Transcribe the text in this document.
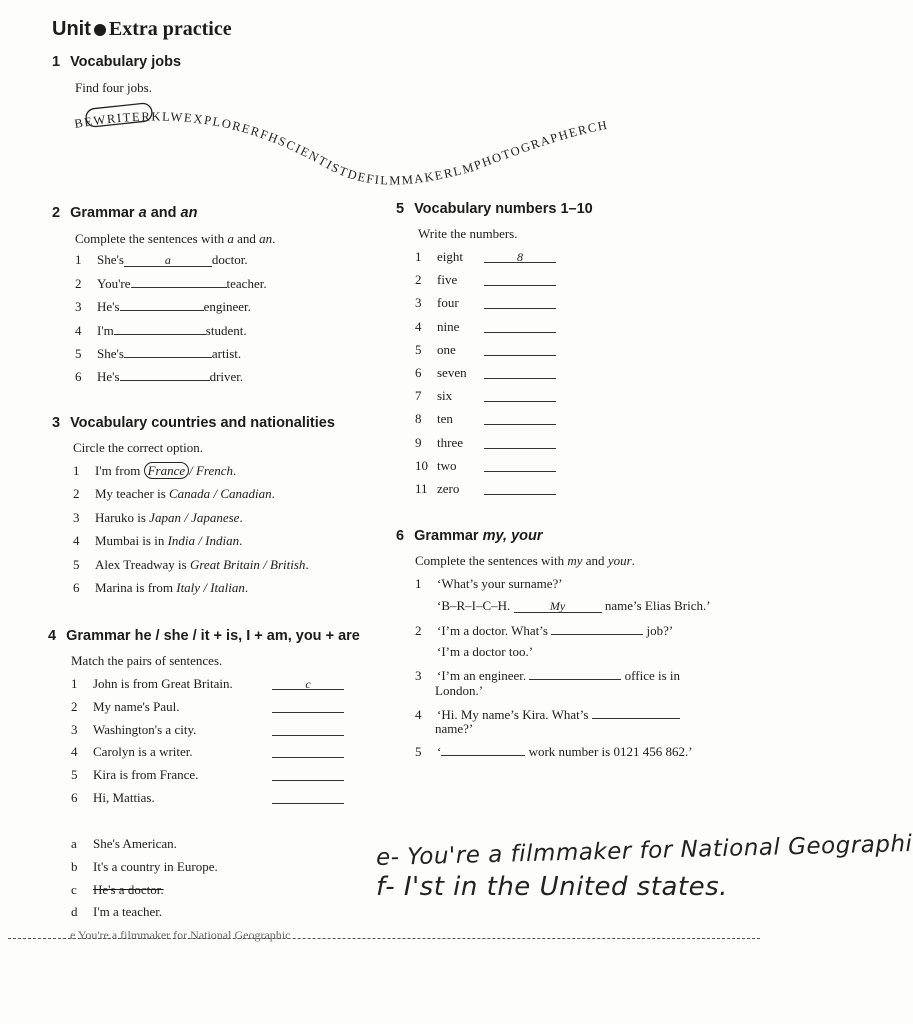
Unit Extra practice
1 Vocabulary jobs
Find four jobs.
BEWRITERKLWEXPLORERFHSCIENTISTDEFILMMAKERLMPHOTOGRAPHERCH
2 Grammar a and an
Complete the sentences with a and an.
1 She's	a	doctor.
2 You're	teacher.
3 He's	engineer.
4 I'm	student.
5 She's	artist.
6 He's	driver.
3 Vocabulary countries and nationalities
Circle the correct option.
1 I'm from France / French.
2 My teacher is Canada / Canadian.
3 Haruko is Japan / Japanese.
4 Mumbai is in India / Indian.
5 Alex Treadway is Great Britain / British.
6 Marina is from Italy / Italian.
4 Grammar he / she / it + is, I + am, you + are
Match the pairs of sentences.
1 John is from Great Britain.	c
2 My name's Paul.
3 Washington's a city.
4 Carolyn is a writer.
5 Kira is from France.
6 Hi, Mattias.
a She's American.
b It's a country in Europe.
c He's a doctor.
d I'm a teacher.
5 Vocabulary numbers 1–10
Write the numbers.
1 eight	8
2 five
3 four
4 nine
5 one
6 seven
7 six
8 ten
9 three
10 two
11 zero
6 Grammar my, your
Complete the sentences with my and your.
1 ‘What’s your surname?’
‘B–R–I–C–H.	My	name’s Elias Brich.’
2 ‘I’m a doctor. What’s	job?’
‘I’m a doctor too.’
3 ‘I’m an engineer.	office is in
London.’
4 ‘Hi. My name’s Kira. What’s
name?’
5 ‘	work number is 0121 456 862.’
e- You're a filmmaker for National Geographi
f- I'st in the United states.
e You're a filmmaker for National Geographic
